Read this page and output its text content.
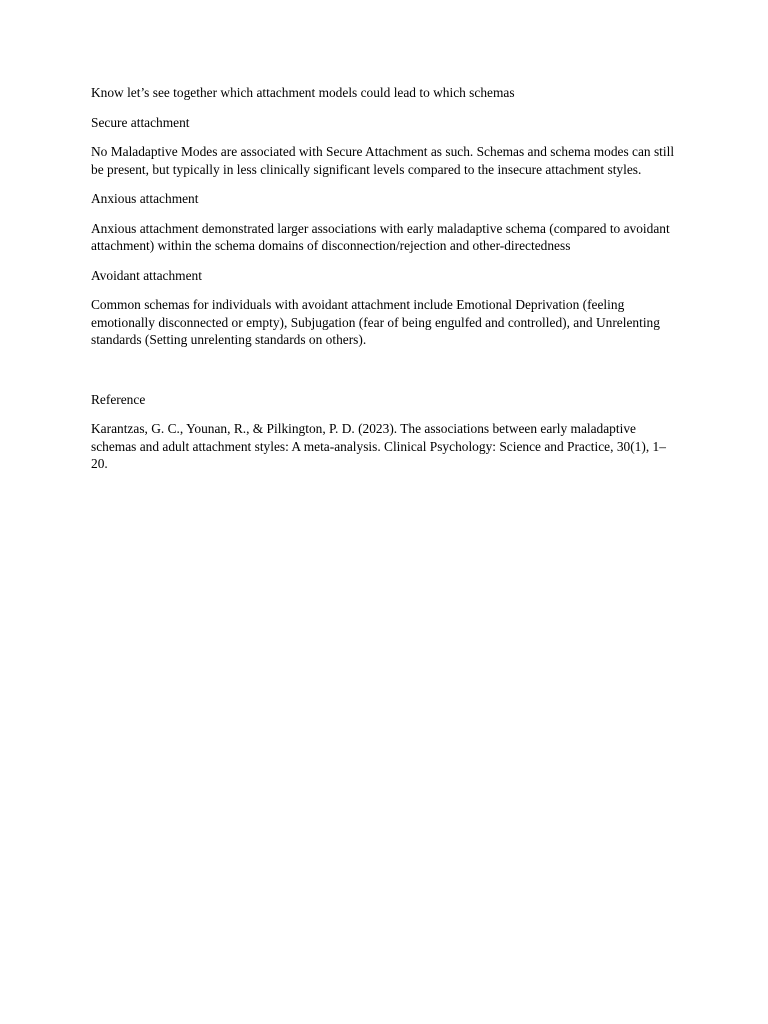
Know let’s see together which attachment models could lead to which schemas

Secure attachment

No Maladaptive Modes are associated with Secure Attachment as such. Schemas and schema modes can still be present, but typically in less clinically significant levels compared to the insecure attachment styles.

Anxious attachment

Anxious attachment demonstrated larger associations with early maladaptive schema (compared to avoidant attachment) within the schema domains of disconnection/rejection and other-directedness

Avoidant attachment

Common schemas for individuals with avoidant attachment include Emotional Deprivation (feeling emotionally disconnected or empty), Subjugation (fear of being engulfed and controlled), and Unrelenting standards (Setting unrelenting standards on others).

Reference

Karantzas, G. C., Younan, R., & Pilkington, P. D. (2023). The associations between early maladaptive schemas and adult attachment styles: A meta-analysis. Clinical Psychology: Science and Practice, 30(1), 1–20.
